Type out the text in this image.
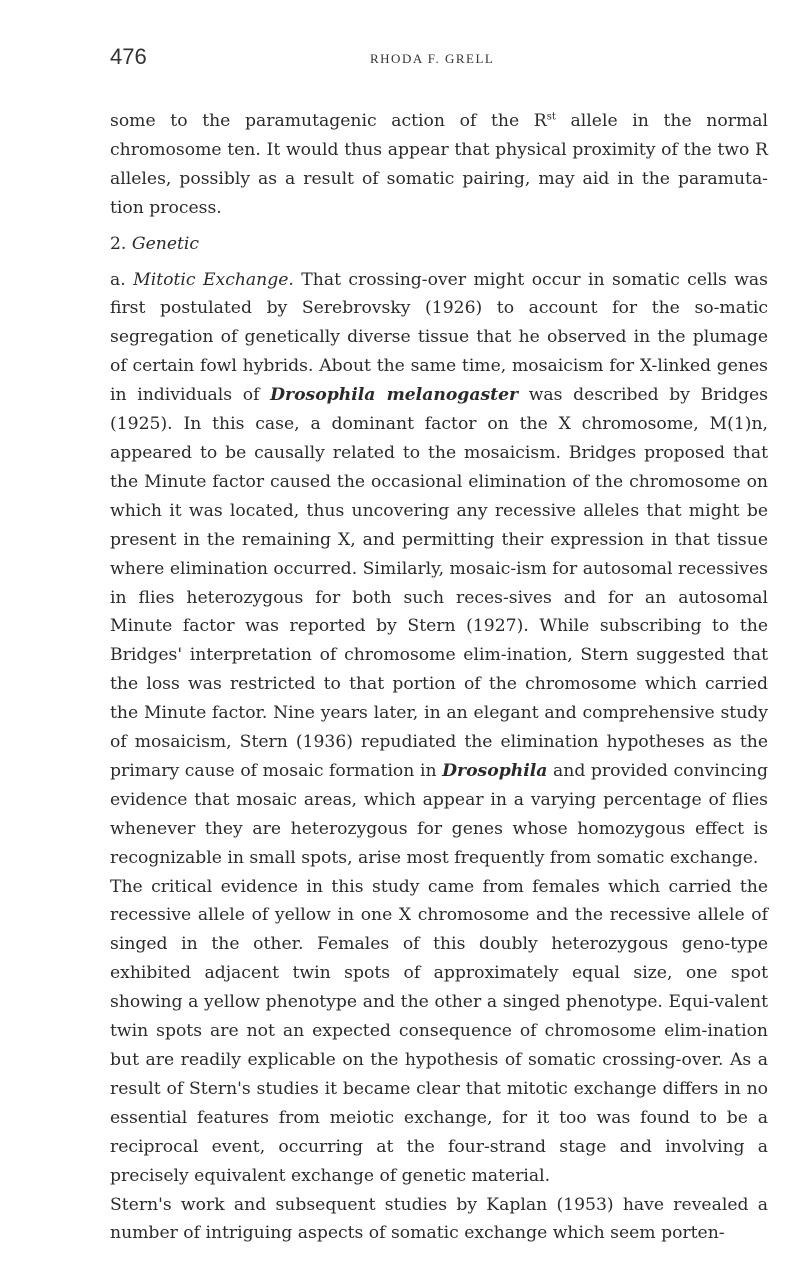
476	RHODA F. GRELL

some to the paramutagenic action of the $R^{st}$ allele in the normal chromosome ten. It would thus appear that physical proximity of the two R alleles, possibly as a result of somatic pairing, may aid in the paramuta-tion process.

2. Genetic

a. Mitotic Exchange. That crossing-over might occur in somatic cells was first postulated by Serebrovsky (1926) to account for the so-matic segregation of genetically diverse tissue that he observed in the plumage of certain fowl hybrids. About the same time, mosaicism for X-linked genes in individuals of Drosophila melanogaster was described by Bridges (1925). In this case, a dominant factor on the X chromosome, M(1)n, appeared to be causally related to the mosaicism. Bridges proposed that the Minute factor caused the occasional elimination of the chromosome on which it was located, thus uncovering any recessive alleles that might be present in the remaining X, and permitting their expression in that tissue where elimination occurred. Similarly, mosaic-ism for autosomal recessives in flies heterozygous for both such reces-sives and for an autosomal Minute factor was reported by Stern (1927). While subscribing to the Bridges' interpretation of chromosome elim-ination, Stern suggested that the loss was restricted to that portion of the chromosome which carried the Minute factor. Nine years later, in an elegant and comprehensive study of mosaicism, Stern (1936) repudiated the elimination hypotheses as the primary cause of mosaic formation in Drosophila and provided convincing evidence that mosaic areas, which appear in a varying percentage of flies whenever they are heterozygous for genes whose homozygous effect is recognizable in small spots, arise most frequently from somatic exchange.

The critical evidence in this study came from females which carried the recessive allele of yellow in one X chromosome and the recessive allele of singed in the other. Females of this doubly heterozygous geno-type exhibited adjacent twin spots of approximately equal size, one spot showing a yellow phenotype and the other a singed phenotype. Equi-valent twin spots are not an expected consequence of chromosome elim-ination but are readily explicable on the hypothesis of somatic crossing-over. As a result of Stern's studies it became clear that mitotic exchange differs in no essential features from meiotic exchange, for it too was found to be a reciprocal event, occurring at the four-strand stage and involving a precisely equivalent exchange of genetic material.

Stern's work and subsequent studies by Kaplan (1953) have revealed a number of intriguing aspects of somatic exchange which seem porten-
